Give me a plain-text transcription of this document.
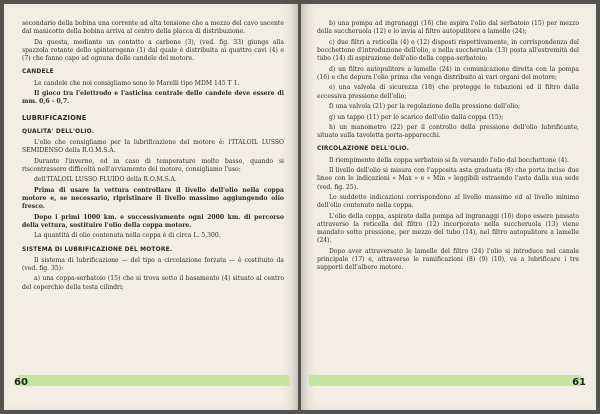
secondario della bobina una corrente ad alta tensione che a mezzo del cavo uscente dal manicotto della bobina arriva al centro della placca di distribuzione.

Da questa, mediante un contatto a carbone (3), (ved. fig. 33) giunge alla spazzola rotante dello spinterogeno (1) dal quale è distribuita ai quattro cavi (4) e (7) che fanno capo ad ognuna delle candele del motore.

CANDELE

Le candele che noi consigliamo sono le Marelli tipo MDM 145 T 1.

Il gioco tra l'elettrodo e l'asticina centrale delle candele deve essere di mm. 0,6 - 0,7.

LUBRIFICAZIONE
QUALITA' DELL'OLIO.

L'olio che consigliamo per la lubrificazione del motore è: l'ITALOIL LUSSO SEMIDENSO della R.O.M.S.A.

Durante l'inverno, ed in caso di temperature molto basse, quando si riscontrassero difficoltà nell'avviamento del motore, consigliamo l'uso:

dell'ITALOIL LUSSO FLUIDO della R.O.M.S.A.

Prima di usare la vettura controllare il livello dell'olio nella coppa motore e, se necessario, ripristinare il livello massimo aggiungendo olio fresco.

Dopo i primi 1000 km. e successivamente ogni 2000 km. di percorso della vettura, sostituire l'olio della coppa motore.

La quantità di olio contenuta nella coppa è di circa L. 5,300.

SISTEMA DI LUBRIFICAZIONE DEL MOTORE.

Il sistema di lubrificazione — del tipo a circolazione forzata — è costituito da (ved. fig. 35):

a) una coppa-serbatoio (15) che si trova sotto il basamento (4) situato al centro del coperchio della testa cilindri;

60

b) una pompa ad ingranaggi (16) che aspira l'olio dal serbatoio (15) per mezzo della succheruola (12) e lo invia al filtro autopulitore a lamelle (24);

c) due filtri a reticella (4) e (12) disposti rispettivamente, in corrispondenza del bocchettone d'introduzione dell'olio, e nella succheruola (13) posta all'estremità del tubo (14) di aspirazione dell'olio della coppa-serbatoio;

d) un filtro autopulitore a lamelle (24) in comunicazione diretta con la pompa (16) e che depura l'olio prima che venga distribuito ai vari organi del motore;

e) una valvola di sicurezza (18) che protegge le tubazioni ed il filtro dalla eccessiva pressione dell'olio;

f) una valvola (21) per la regolazione della pressione dell'olio;

g) un tappo (11) per lo scarico dell'olio dalla coppa (15);

h) un manometro (22) per il controllo della pressione dell'olio lubrificante, situato sulla tavoletta porta-apparecchi.

CIRCOLAZIONE DELL'OLIO.

Il riempimento della coppa serbatoio si fa versando l'olio dal bocchettone (4).

Il livello dell'olio si misura con l'apposita asta graduata (8) che porta incise due linee con le indicazioni « Max » e « Min » leggibili estraendo l'asta dalla sua sede (ved. fig. 25).

Le suddette indicazioni corrispondono al livello massimo ed al livello minimo dell'olio contenuto nella coppa.

L'olio della coppa, aspirato dalla pompa ad ingranaggi (16) dopo essere passato attraverso la reticella del filtro (12) incorporato nella succheruola (13) viene mandato sotto pressione, per mezzo del tubo (14), nel filtro autopulitore a lamelle (24).

Dopo aver attraversato le lamelle del filtro (24) l'olio si introduce nel canale principale (17) e, attraverso le ramificazioni (8) (9) (10), va a lubrificare i tre supporti dell'albero motore.

61
